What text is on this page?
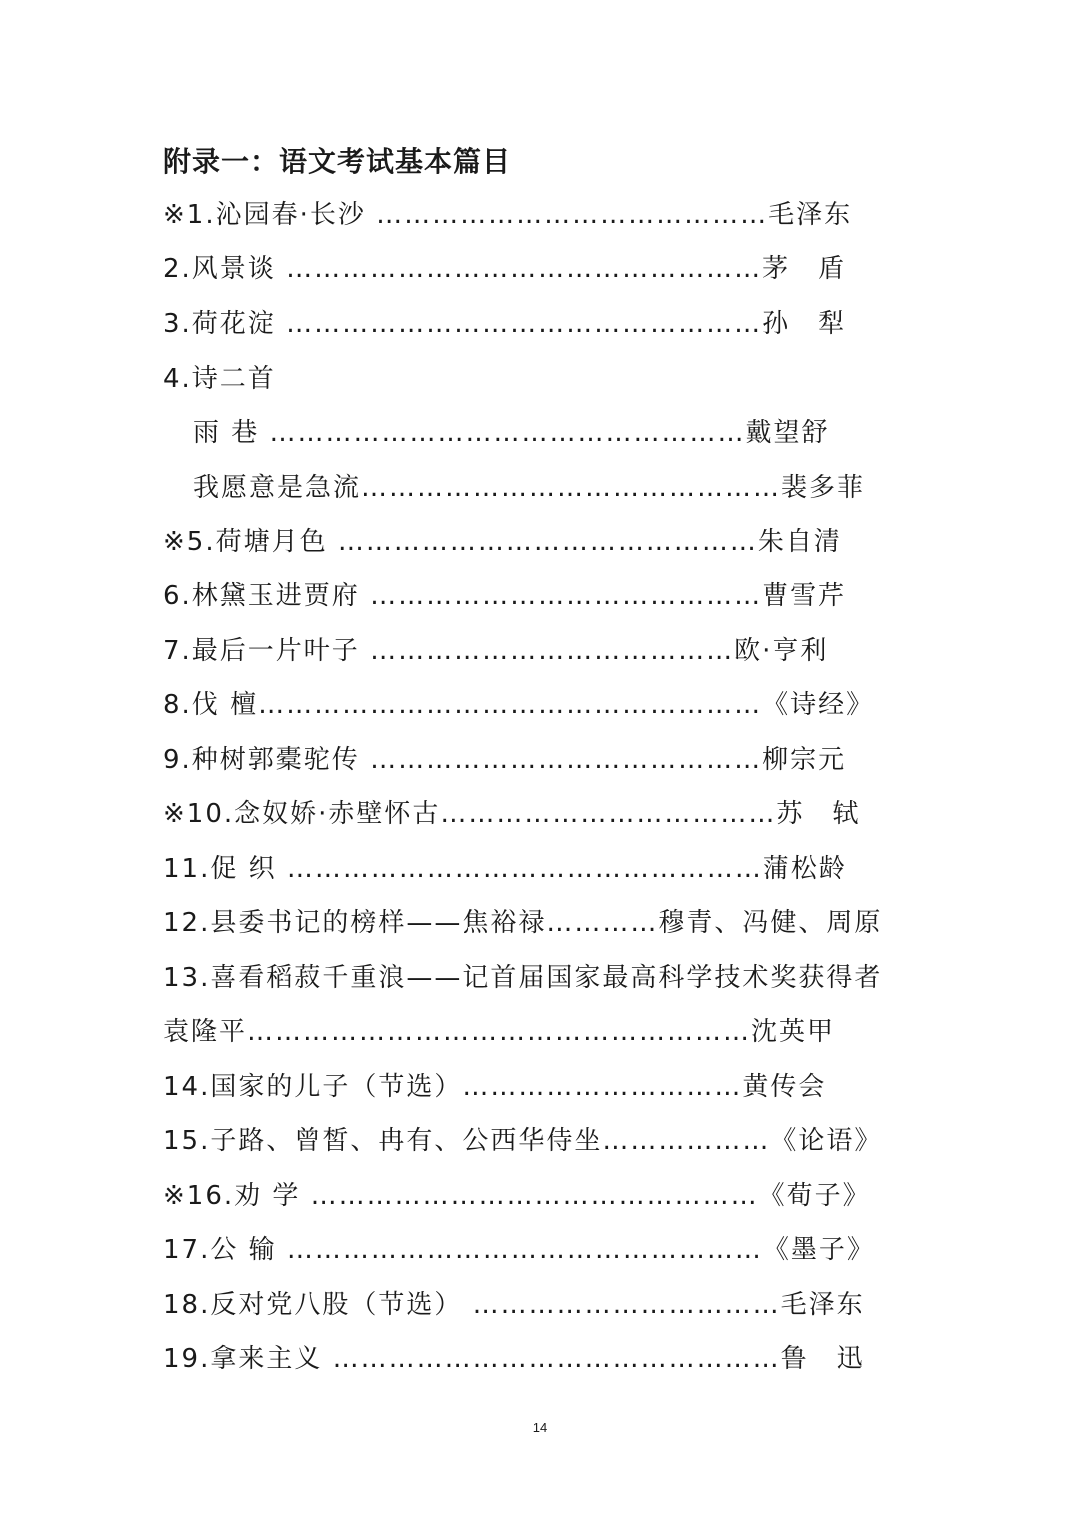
附录一：语文考试基本篇目
※1.沁园春·长沙 ……………………………………毛泽东
2.风景谈 ……………………………………………茅　盾
3.荷花淀 ……………………………………………孙　犁
4.诗二首
雨 巷 ……………………………………………戴望舒
我愿意是急流………………………………………裴多菲
※5.荷塘月色 ………………………………………朱自清
6.林黛玉进贾府 ……………………………………曹雪芹
7.最后一片叶子 …………………………………欧·亨利
8.伐 檀………………………………………………《诗经》
9.种树郭橐驼传 ……………………………………柳宗元
※10.念奴娇·赤壁怀古………………………………苏　轼
11.促 织 ……………………………………………蒲松龄
12.县委书记的榜样——焦裕禄…………穆青、冯健、周原
13.喜看稻菽千重浪——记首届国家最高科学技术奖获得者
袁隆平………………………………………………沈英甲
14.国家的儿子（节选）…………………………黄传会
15.子路、曾皙、冉有、公西华侍坐………………《论语》
※16.劝 学 …………………………………………《荀子》
17.公 输 ……………………………………………《墨子》
18.反对党八股（节选） ……………………………毛泽东
19.拿来主义 …………………………………………鲁　迅
14
